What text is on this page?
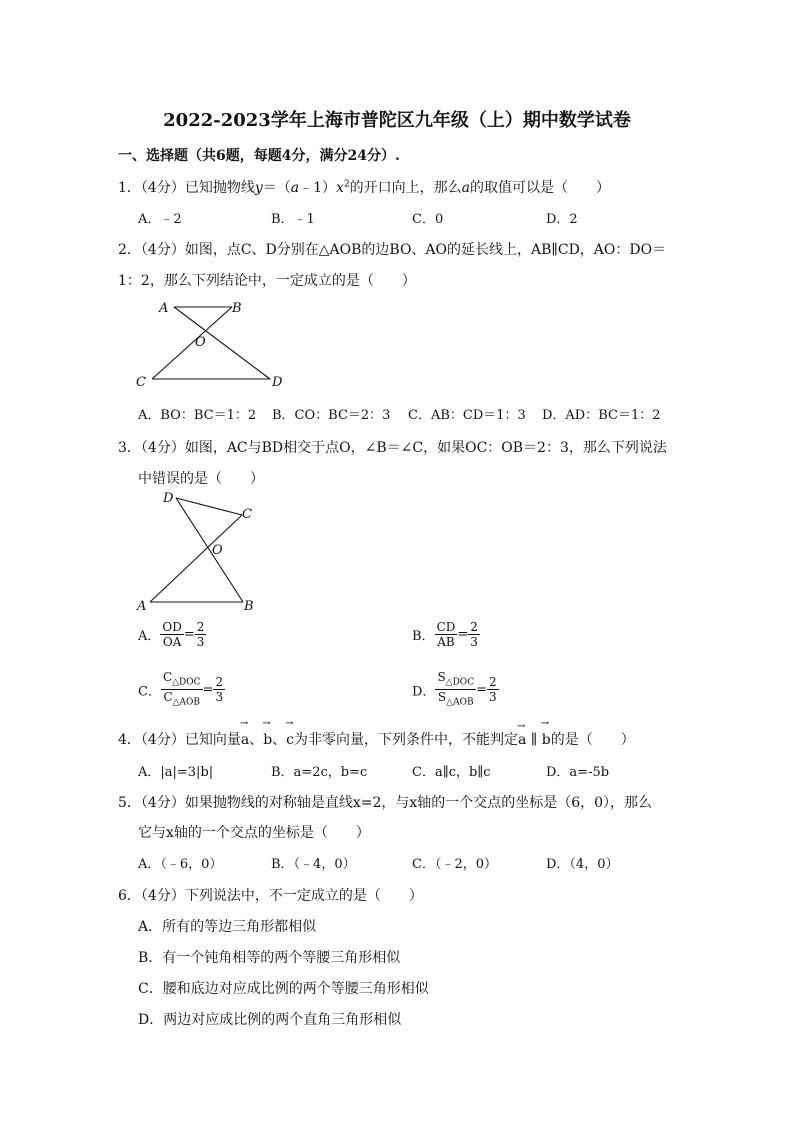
2022-2023学年上海市普陀区九年级（上）期中数学试卷
一、选择题（共6题，每题4分，满分24分）.
1．（4分）已知抛物线$y=(a﹣1)x^2$的开口向上，那么a的取值可以是（　　）
A．﹣2	B．﹣1	C．0	D．2
2．（4分）如图，点C、D分别在△AOB的边BO、AO的延长线上，AB∥CD，AO：DO＝
1：2，那么下列结论中，一定成立的是（　　）
A	B
O
C	D
A．BO：BC＝1：2 B．CO：BC＝2：3 C．AB：CD＝1：3 D．AD：BC＝1：2
3．（4分）如图，AC与BD相交于点O，∠B＝∠C，如果OC：OB＝2：3，那么下列说法
中错误的是（　　）
D
C
O
A	B
A． $\frac{OD}{OA} = \frac{2}{3}$	B． $\frac{CD}{AB} = \frac{2}{3}$
C． $\frac{C_{\triangle DOC}}{C_{\triangle AOB}} = \frac{2}{3}$	D． $\frac{S_{\triangle DOC}}{S_{\triangle AOB}} = \frac{2}{3}$
4．（4分）已知向量→ a、→ b、→ c为非零向量，下列条件中，不能判定→ a ∥ → b的是（　　）
A．|a|=3|b|	B．a=2c，b=c	C．a∥c，b∥c	D．a=-5b
5．（4分）如果抛物线的对称轴是直线x=2，与x轴的一个交点的坐标是（6，0），那么
它与x轴的一个交点的坐标是（　　）
A．（﹣6，0）	B．（﹣4，0）	C．（﹣2，0）	D．（4，0）
6．（4分）下列说法中，不一定成立的是（　　）
A．所有的等边三角形都相似
B．有一个钝角相等的两个等腰三角形相似
C．腰和底边对应成比例的两个等腰三角形相似
D．两边对应成比例的两个直角三角形相似
